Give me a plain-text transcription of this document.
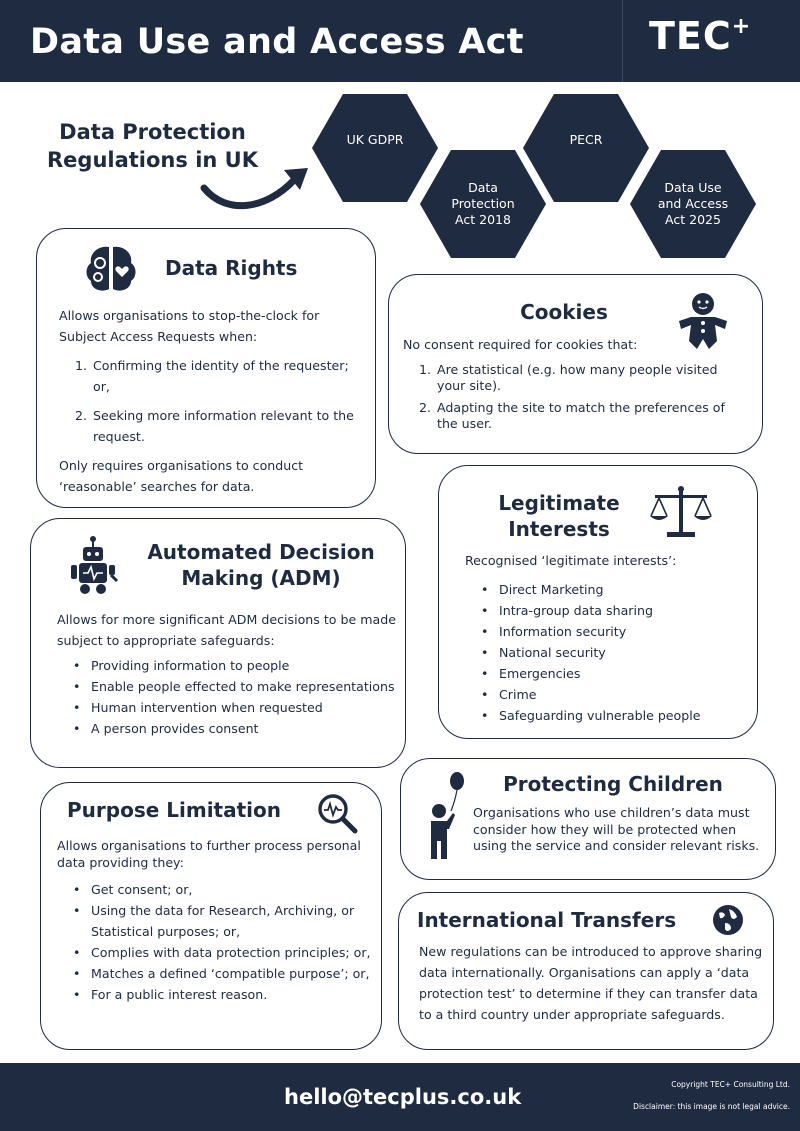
Data Use and Access Act	TEC+
Data Protection Regulations in UK
UK GDPR
Data Protection Act 2018
PECR
Data Use and Access Act 2025
Data Rights
Allows organisations to stop-the-clock for Subject Access Requests when:
1. Confirming the identity of the requester; or,
2. Seeking more information relevant to the request.
Only requires organisations to conduct ‘reasonable’ searches for data.
Cookies
No consent required for cookies that:
1. Are statistical (e.g. how many people visited your site).
2. Adapting the site to match the preferences of the user.
Legitimate Interests
Recognised ‘legitimate interests’:
• Direct Marketing
• Intra-group data sharing
• Information security
• National security
• Emergencies
• Crime
• Safeguarding vulnerable people
Automated Decision Making (ADM)
Allows for more significant ADM decisions to be made subject to appropriate safeguards:
• Providing information to people
• Enable people effected to make representations
• Human intervention when requested
• A person provides consent
Protecting Children
Organisations who use children’s data must consider how they will be protected when using the service and consider relevant risks.
Purpose Limitation
Allows organisations to further process personal data providing they:
• Get consent; or,
• Using the data for Research, Archiving, or Statistical purposes; or,
• Complies with data protection principles; or,
• Matches a defined ‘compatible purpose’; or,
• For a public interest reason.
International Transfers
New regulations can be introduced to approve sharing data internationally. Organisations can apply a ‘data protection test’ to determine if they can transfer data to a third country under appropriate safeguards.
hello@tecplus.co.uk
Copyright TEC+ Consulting Ltd.
Disclaimer: this image is not legal advice.
